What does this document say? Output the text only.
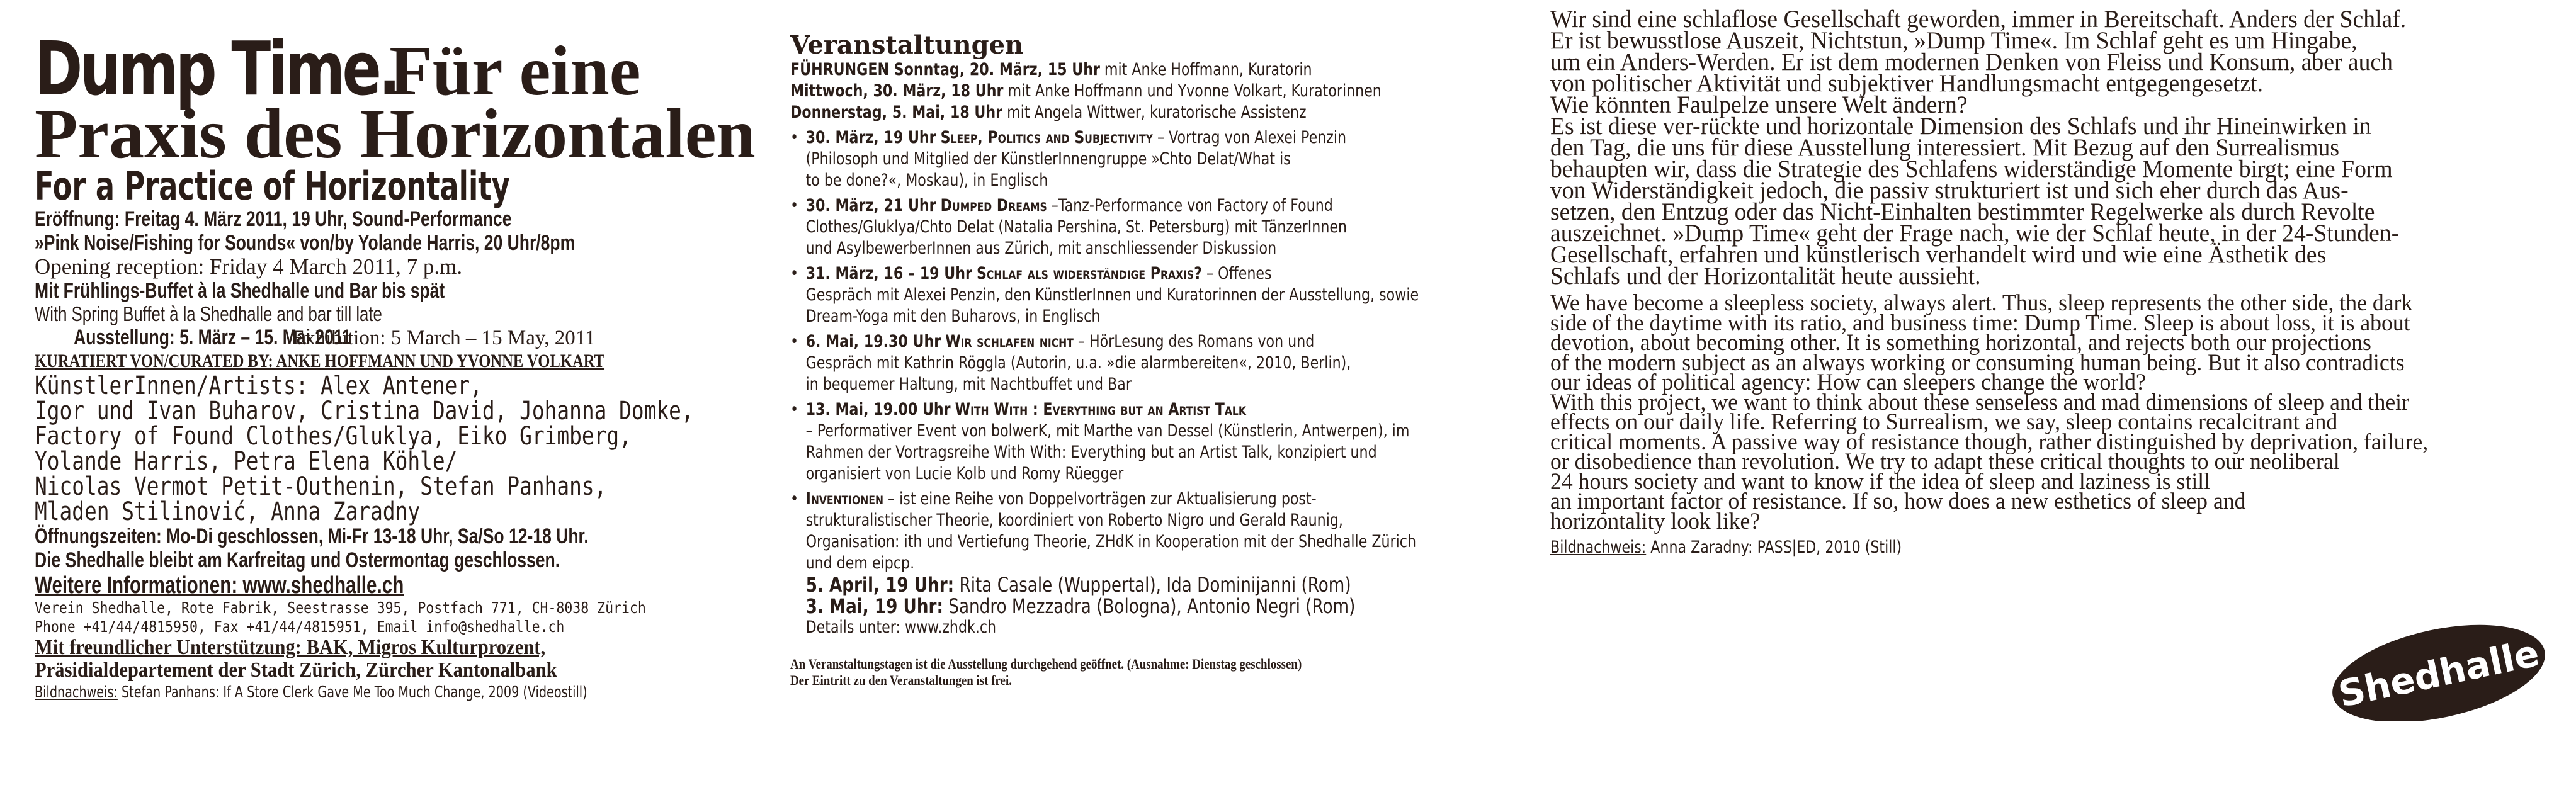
Dump Time. Für eine
Praxis des Horizontalen
For a Practice of Horizontality
Eröffnung: Freitag 4. März 2011, 19 Uhr, Sound-Performance
»Pink Noise/Fishing for Sounds« von/by Yolande Harris, 20 Uhr/8pm
Opening reception: Friday 4 March 2011, 7 p.m.
Mit Frühlings-Buffet à la Shedhalle und Bar bis spät
With Spring Buffet à la Shedhalle and bar till late
Ausstellung: 5. März – 15. Mai 2011 Exhibition: 5 March – 15 May, 2011
KURATIERT VON/CURATED BY: ANKE HOFFMANN UND YVONNE VOLKART
KünstlerInnen/Artists: Alex Antener,
Igor und Ivan Buharov, Cristina David, Johanna Domke,
Factory of Found Clothes/Gluklya, Eiko Grimberg,
Yolande Harris, Petra Elena Köhle/
Nicolas Vermot Petit-Outhenin, Stefan Panhans,
Mladen Stilinović, Anna Zaradny
Öffnungszeiten: Mo-Di geschlossen, Mi-Fr 13-18 Uhr, Sa/So 12-18 Uhr.
Die Shedhalle bleibt am Karfreitag und Ostermontag geschlossen.
Weitere Informationen: www.shedhalle.ch
Verein Shedhalle, Rote Fabrik, Seestrasse 395, Postfach 771, CH-8038 Zürich
Phone +41/44/4815950, Fax +41/44/4815951, Email info@shedhalle.ch
Mit freundlicher Unterstützung: BAK, Migros Kulturprozent,
Präsidialdepartement der Stadt Zürich, Zürcher Kantonalbank
Bildnachweis: Stefan Panhans: If A Store Clerk Gave Me Too Much Change, 2009 (Videostill)
Veranstaltungen
FÜHRUNGEN Sonntag, 20. März, 15 Uhr mit Anke Hoffmann, Kuratorin
Mittwoch, 30. März, 18 Uhr mit Anke Hoffmann und Yvonne Volkart, Kuratorinnen
Donnerstag, 5. Mai, 18 Uhr mit Angela Wittwer, kuratorische Assistenz
• 30. März, 19 Uhr Sleep, Politics and Subjectivity – Vortrag von Alexei Penzin
(Philosoph und Mitglied der KünstlerInnengruppe »Chto Delat/What is
to be done?«, Moskau), in Englisch
• 30. März, 21 Uhr Dumped Dreams –Tanz-Performance von Factory of Found
Clothes/Gluklya/Chto Delat (Natalia Pershina, St. Petersburg) mit TänzerInnen
und AsylbewerberInnen aus Zürich, mit anschliessender Diskussion
• 31. März, 16 – 19 Uhr Schlaf als widerständige Praxis? – Offenes
Gespräch mit Alexei Penzin, den KünstlerInnen und Kuratorinnen der Ausstellung, sowie
Dream-Yoga mit den Buharovs, in Englisch
• 6. Mai, 19.30 Uhr Wir schlafen nicht – HörLesung des Romans von und
Gespräch mit Kathrin Röggla (Autorin, u.a. »die alarmbereiten«, 2010, Berlin),
in bequemer Haltung, mit Nachtbuffet und Bar
• 13. Mai, 19.00 Uhr With With : Everything but an Artist Talk
– Performativer Event von bolwerK, mit Marthe van Dessel (Künstlerin, Antwerpen), im
Rahmen der Vortragsreihe With With: Everything but an Artist Talk, konzipiert und
organisiert von Lucie Kolb und Romy Rüegger
• Inventionen – ist eine Reihe von Doppelvorträgen zur Aktualisierung post-
strukturalistischer Theorie, koordiniert von Roberto Nigro und Gerald Raunig,
Organisation: ith und Vertiefung Theorie, ZHdK in Kooperation mit der Shedhalle Zürich
und dem eipcp.
5. April, 19 Uhr: Rita Casale (Wuppertal), Ida Dominijanni (Rom)
3. Mai, 19 Uhr: Sandro Mezzadra (Bologna), Antonio Negri (Rom)
Details unter: www.zhdk.ch
An Veranstaltungstagen ist die Ausstellung durchgehend geöffnet. (Ausnahme: Dienstag geschlossen)
Der Eintritt zu den Veranstaltungen ist frei.
Wir sind eine schlaflose Gesellschaft geworden, immer in Bereitschaft. Anders der Schlaf.
Er ist bewusstlose Auszeit, Nichtstun, »Dump Time«. Im Schlaf geht es um Hingabe,
um ein Anders-Werden. Er ist dem modernen Denken von Fleiss und Konsum, aber auch
von politischer Aktivität und subjektiver Handlungsmacht entgegengesetzt.
Wie könnten Faulpelze unsere Welt ändern?
Es ist diese ver-rückte und horizontale Dimension des Schlafs und ihr Hineinwirken in
den Tag, die uns für diese Ausstellung interessiert. Mit Bezug auf den Surrealismus
behaupten wir, dass die Strategie des Schlafens widerständige Momente birgt; eine Form
von Widerständigkeit jedoch, die passiv strukturiert ist und sich eher durch das Aus-
setzen, den Entzug oder das Nicht-Einhalten bestimmter Regelwerke als durch Revolte
auszeichnet. »Dump Time« geht der Frage nach, wie der Schlaf heute, in der 24-Stunden-
Gesellschaft, erfahren und künstlerisch verhandelt wird und wie eine Ästhetik des
Schlafs und der Horizontalität heute aussieht.
We have become a sleepless society, always alert. Thus, sleep represents the other side, the dark
side of the daytime with its ratio, and business time: Dump Time. Sleep is about loss, it is about
devotion, about becoming other. It is something horizontal, and rejects both our projections
of the modern subject as an always working or consuming human being. But it also contradicts
our ideas of political agency: How can sleepers change the world?
With this project, we want to think about these senseless and mad dimensions of sleep and their
effects on our daily life. Referring to Surrealism, we say, sleep contains recalcitrant and
critical moments. A passive way of resistance though, rather distinguished by deprivation, failure,
or disobedience than revolution. We try to adapt these critical thoughts to our neoliberal
24 hours society and want to know if the idea of sleep and laziness is still
an important factor of resistance. If so, how does a new esthetics of sleep and
horizontality look like?
Bildnachweis: Anna Zaradny: PASS|ED, 2010 (Still)
Shedhalle
